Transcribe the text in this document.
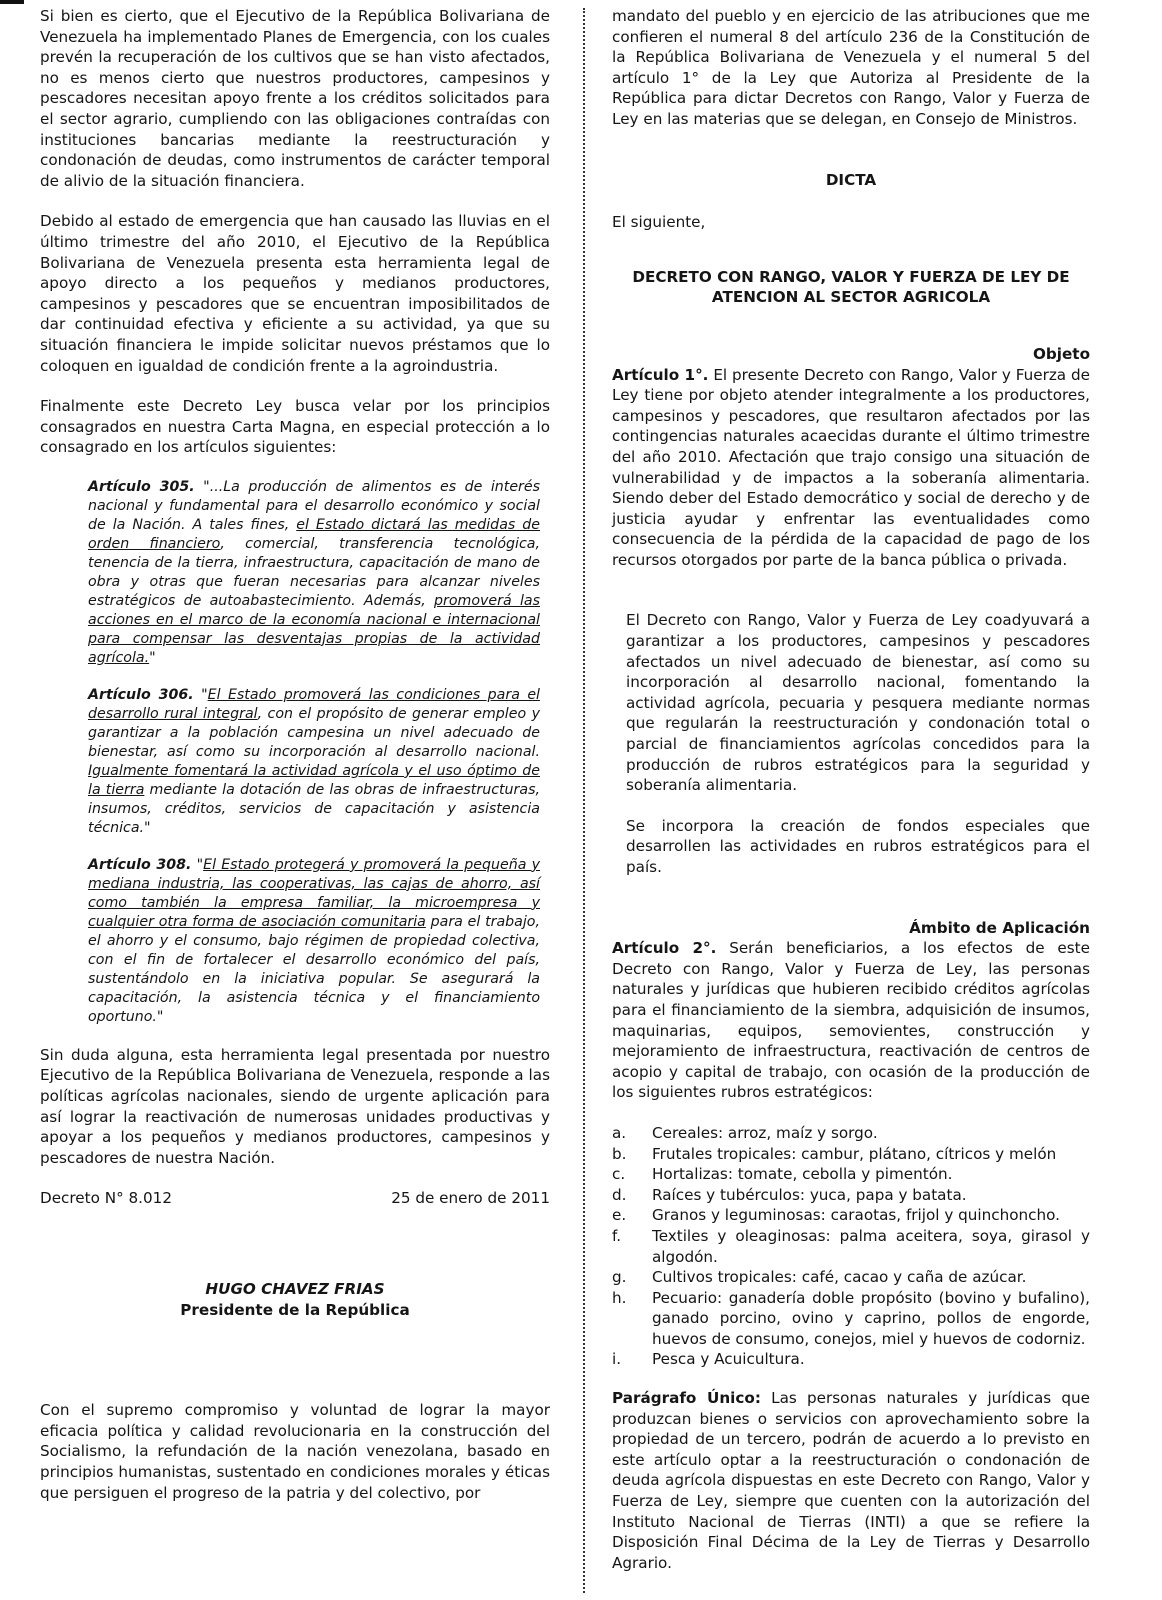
Si bien es cierto, que el Ejecutivo de la República Bolivariana de Venezuela ha implementado Planes de Emergencia, con los cuales prevén la recuperación de los cultivos que se han visto afectados, no es menos cierto que nuestros productores, campesinos y pescadores necesitan apoyo frente a los créditos solicitados para el sector agrario, cumpliendo con las obligaciones contraídas con instituciones bancarias mediante la reestructuración y condonación de deudas, como instrumentos de carácter temporal de alivio de la situación financiera.

Debido al estado de emergencia que han causado las lluvias en el último trimestre del año 2010, el Ejecutivo de la República Bolivariana de Venezuela presenta esta herramienta legal de apoyo directo a los pequeños y medianos productores, campesinos y pescadores que se encuentran imposibilitados de dar continuidad efectiva y eficiente a su actividad, ya que su situación financiera le impide solicitar nuevos préstamos que lo coloquen en igualdad de condición frente a la agroindustria.

Finalmente este Decreto Ley busca velar por los principios consagrados en nuestra Carta Magna, en especial protección a lo consagrado en los artículos siguientes:

Artículo 305. "...La producción de alimentos es de interés nacional y fundamental para el desarrollo económico y social de la Nación. A tales fines, el Estado dictará las medidas de orden financiero, comercial, transferencia tecnológica, tenencia de la tierra, infraestructura, capacitación de mano de obra y otras que fueran necesarias para alcanzar niveles estratégicos de autoabastecimiento. Además, promoverá las acciones en el marco de la economía nacional e internacional para compensar las desventajas propias de la actividad agrícola."

Artículo 306. "El Estado promoverá las condiciones para el desarrollo rural integral, con el propósito de generar empleo y garantizar a la población campesina un nivel adecuado de bienestar, así como su incorporación al desarrollo nacional. Igualmente fomentará la actividad agrícola y el uso óptimo de la tierra mediante la dotación de las obras de infraestructuras, insumos, créditos, servicios de capacitación y asistencia técnica."

Artículo 308. "El Estado protegerá y promoverá la pequeña y mediana industria, las cooperativas, las cajas de ahorro, así como también la empresa familiar, la microempresa y cualquier otra forma de asociación comunitaria para el trabajo, el ahorro y el consumo, bajo régimen de propiedad colectiva, con el fin de fortalecer el desarrollo económico del país, sustentándolo en la iniciativa popular. Se asegurará la capacitación, la asistencia técnica y el financiamiento oportuno."

Sin duda alguna, esta herramienta legal presentada por nuestro Ejecutivo de la República Bolivariana de Venezuela, responde a las políticas agrícolas nacionales, siendo de urgente aplicación para así lograr la reactivación de numerosas unidades productivas y apoyar a los pequeños y medianos productores, campesinos y pescadores de nuestra Nación.

Decreto N° 8.012	25 de enero de 2011
HUGO CHAVEZ FRIAS
Presidente de la República

Con el supremo compromiso y voluntad de lograr la mayor eficacia política y calidad revolucionaria en la construcción del Socialismo, la refundación de la nación venezolana, basado en principios humanistas, sustentado en condiciones morales y éticas que persiguen el progreso de la patria y del colectivo, por

mandato del pueblo y en ejercicio de las atribuciones que me confieren el numeral 8 del artículo 236 de la Constitución de la República Bolivariana de Venezuela y el numeral 5 del artículo 1° de la Ley que Autoriza al Presidente de la República para dictar Decretos con Rango, Valor y Fuerza de Ley en las materias que se delegan, en Consejo de Ministros.

DICTA

El siguiente,

DECRETO CON RANGO, VALOR Y FUERZA DE LEY DE
ATENCION AL SECTOR AGRICOLA
Objeto

Artículo 1°. El presente Decreto con Rango, Valor y Fuerza de Ley tiene por objeto atender integralmente a los productores, campesinos y pescadores, que resultaron afectados por las contingencias naturales acaecidas durante el último trimestre del año 2010. Afectación que trajo consigo una situación de vulnerabilidad y de impactos a la soberanía alimentaria. Siendo deber del Estado democrático y social de derecho y de justicia ayudar y enfrentar las eventualidades como consecuencia de la pérdida de la capacidad de pago de los recursos otorgados por parte de la banca pública o privada.

El Decreto con Rango, Valor y Fuerza de Ley coadyuvará a garantizar a los productores, campesinos y pescadores afectados un nivel adecuado de bienestar, así como su incorporación al desarrollo nacional, fomentando la actividad agrícola, pecuaria y pesquera mediante normas que regularán la reestructuración y condonación total o parcial de financiamientos agrícolas concedidos para la producción de rubros estratégicos para la seguridad y soberanía alimentaria.

Se incorpora la creación de fondos especiales que desarrollen las actividades en rubros estratégicos para el país.

Ámbito de Aplicación

Artículo 2°. Serán beneficiarios, a los efectos de este Decreto con Rango, Valor y Fuerza de Ley, las personas naturales y jurídicas que hubieren recibido créditos agrícolas para el financiamiento de la siembra, adquisición de insumos, maquinarias, equipos, semovientes, construcción y mejoramiento de infraestructura, reactivación de centros de acopio y capital de trabajo, con ocasión de la producción de los siguientes rubros estratégicos:

a.	Cereales: arroz, maíz y sorgo.
b.	Frutales tropicales: cambur, plátano, cítricos y melón
c.	Hortalizas: tomate, cebolla y pimentón.
d.	Raíces y tubérculos: yuca, papa y batata.
e.	Granos y leguminosas: caraotas, frijol y quinchoncho.
f.	Textiles y oleaginosas: palma aceitera, soya, girasol y algodón.
g.	Cultivos tropicales: café, cacao y caña de azúcar.
h.	Pecuario: ganadería doble propósito (bovino y bufalino), ganado porcino, ovino y caprino, pollos de engorde, huevos de consumo, conejos, miel y huevos de codorniz.
i.	Pesca y Acuicultura.

Parágrafo Único: Las personas naturales y jurídicas que produzcan bienes o servicios con aprovechamiento sobre la propiedad de un tercero, podrán de acuerdo a lo previsto en este artículo optar a la reestructuración o condonación de deuda agrícola dispuestas en este Decreto con Rango, Valor y Fuerza de Ley, siempre que cuenten con la autorización del Instituto Nacional de Tierras (INTI) a que se refiere la Disposición Final Décima de la Ley de Tierras y Desarrollo Agrario.
